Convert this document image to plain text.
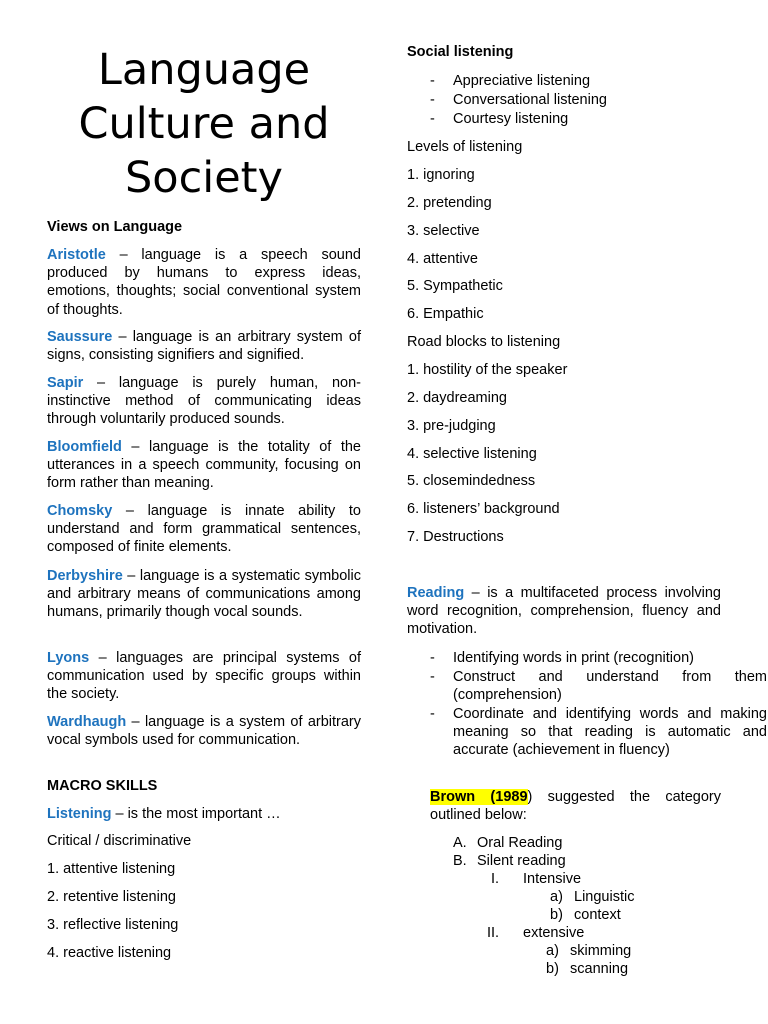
Language
Culture and
Society

Views on Language

Aristotle – language is a speech sound produced by humans to express ideas, emotions, thoughts; social conventional system of thoughts.

Saussure – language is an arbitrary system of signs, consisting signifiers and signified.

Sapir – language is purely human, non-instinctive method of communicating ideas through voluntarily produced sounds.

Bloomfield – language is the totality of the utterances in a speech community, focusing on form rather than meaning.

Chomsky – language is innate ability to understand and form grammatical sentences, composed of finite elements.

Derbyshire – language is a systematic symbolic and arbitrary means of communications among humans, primarily though vocal sounds.

Lyons – languages are principal systems of communication used by specific groups within the society.

Wardhaugh – language is a system of arbitrary vocal symbols used for communication.

MACRO SKILLS

Listening – is the most important …

Critical / discriminative

1. attentive listening

2. retentive listening

3. reflective listening

4. reactive listening

Social listening

- Appreciative listening

- Conversational listening

- Courtesy listening

Levels of listening

1. ignoring

2. pretending

3. selective

4. attentive

5. Sympathetic

6. Empathic

Road blocks to listening

1. hostility of the speaker

2. daydreaming

3. pre-judging

4. selective listening

5. closemindedness

6. listeners’ background

7. Destructions

Reading – is a multifaceted process involving word recognition, comprehension, fluency and motivation.

- Identifying words in print (recognition)

- Construct and understand from them (comprehension)

- Coordinate and identifying words and making meaning so that reading is automatic and accurate (achievement in fluency)

Brown (1989) suggested the category outlined below:

A. Oral Reading
B. Silent reading
I. Intensive
a) Linguistic
b) context
II. extensive
a) skimming
b) scanning
